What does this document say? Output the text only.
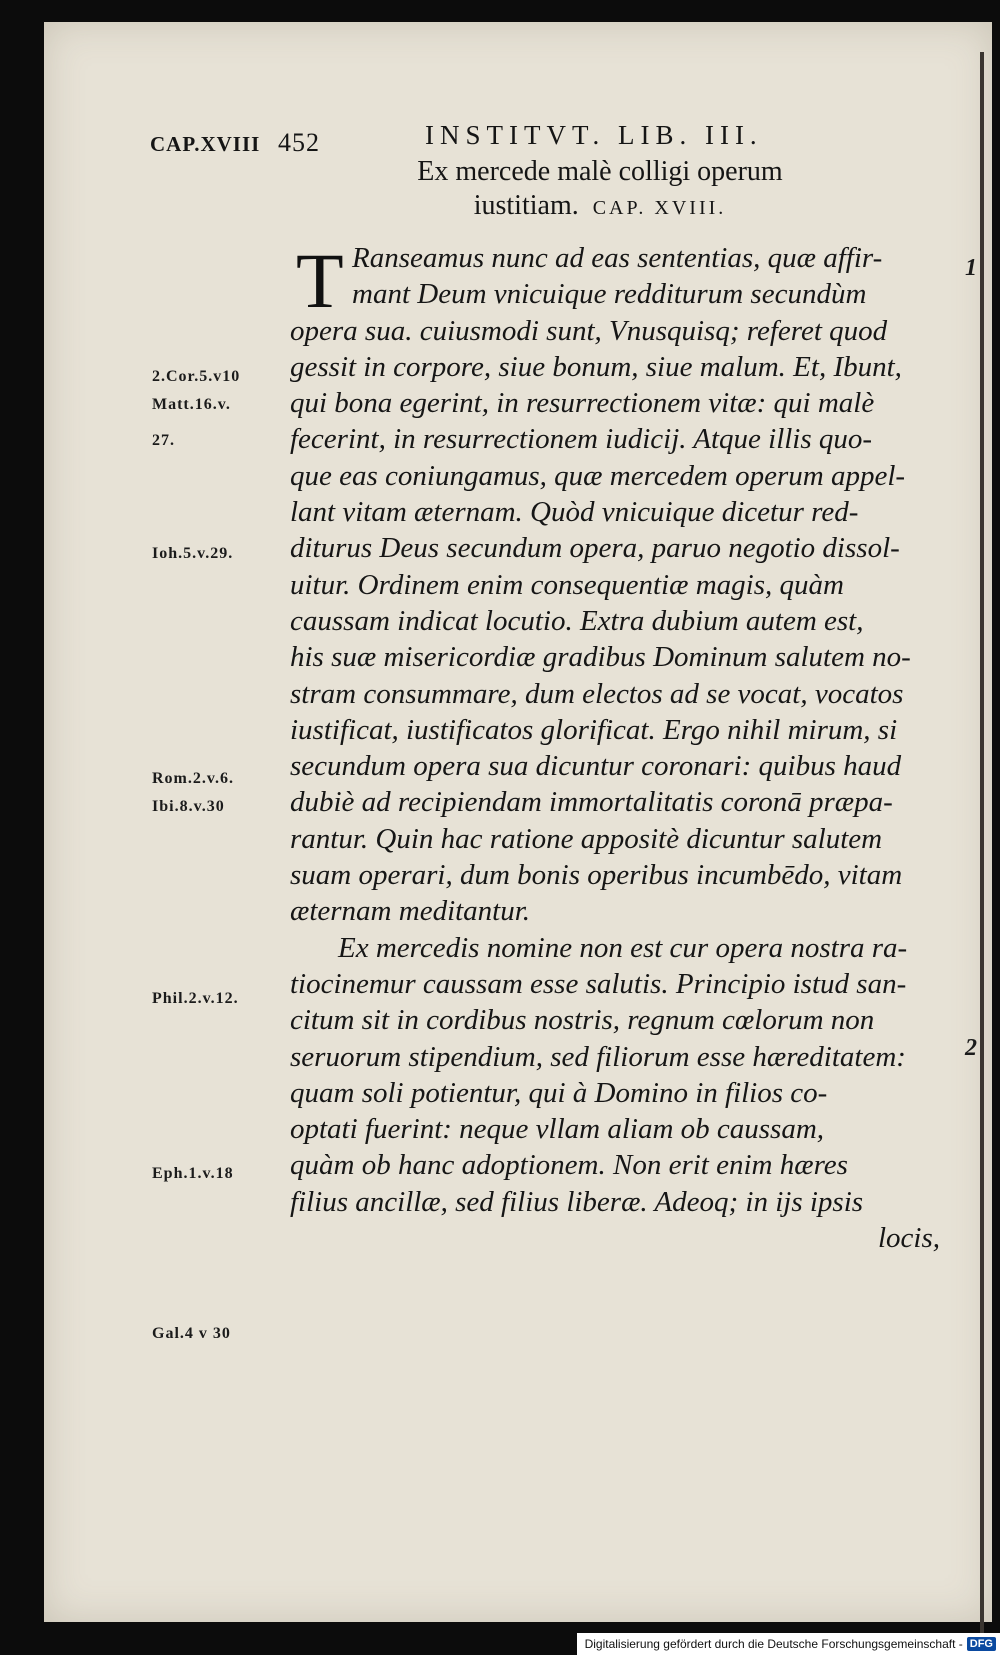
CAP.XVIII 452	INSTITVT. LIB. III.
Ex mercede malè colligi operum
iustitiam. CAP. XVIII.
T Ranseamus nunc ad eas sententias, quæ affir-
mant Deum vnicuique redditurum secundùm
opera sua. cuiusmodi sunt, Vnusquisq; referet quod
gessit in corpore, siue bonum, siue malum. Et, Ibunt,
qui bona egerint, in resurrectionem vitæ: qui malè
fecerint, in resurrectionem iudicij. Atque illis quo-
que eas coniungamus, quæ mercedem operum appel-
lant vitam æternam. Quòd vnicuique dicetur red-
diturus Deus secundum opera, paruo negotio dissol-
uitur. Ordinem enim consequentiæ magis, quàm
caussam indicat locutio. Extra dubium autem est,
his suæ misericordiæ gradibus Dominum salutem no-
stram consummare, dum electos ad se vocat, vocatos
iustificat, iustificatos glorificat. Ergo nihil mirum, si
secundum opera sua dicuntur coronari: quibus haud
dubiè ad recipiendam immortalitatis coronā præpa-
rantur. Quin hac ratione appositè dicuntur salutem
suam operari, dum bonis operibus incumbēdo, vitam
æternam meditantur.
Ex mercedis nomine non est cur opera nostra ra-
tiocinemur caussam esse salutis. Principio istud san-
citum sit in cordibus nostris, regnum cœlorum non
seruorum stipendium, sed filiorum esse hæreditatem:
quam soli potientur, qui à Domino in filios co-
optati fuerint: neque vllam aliam ob caussam,
quàm ob hanc adoptionem. Non erit enim hæres
filius ancillæ, sed filius liberæ. Adeoq; in ijs ipsis
locis,
2.Cor.5.v10
Matt.16.v.
27.
Ioh.5.v.29.
Rom.2.v.6.
Ibi.8.v.30
Phil.2.v.12.
Eph.1.v.18
Gal.4 v 30
1
2
Digitalisierung gefördert durch die Deutsche Forschungsgemeinschaft - DFG
